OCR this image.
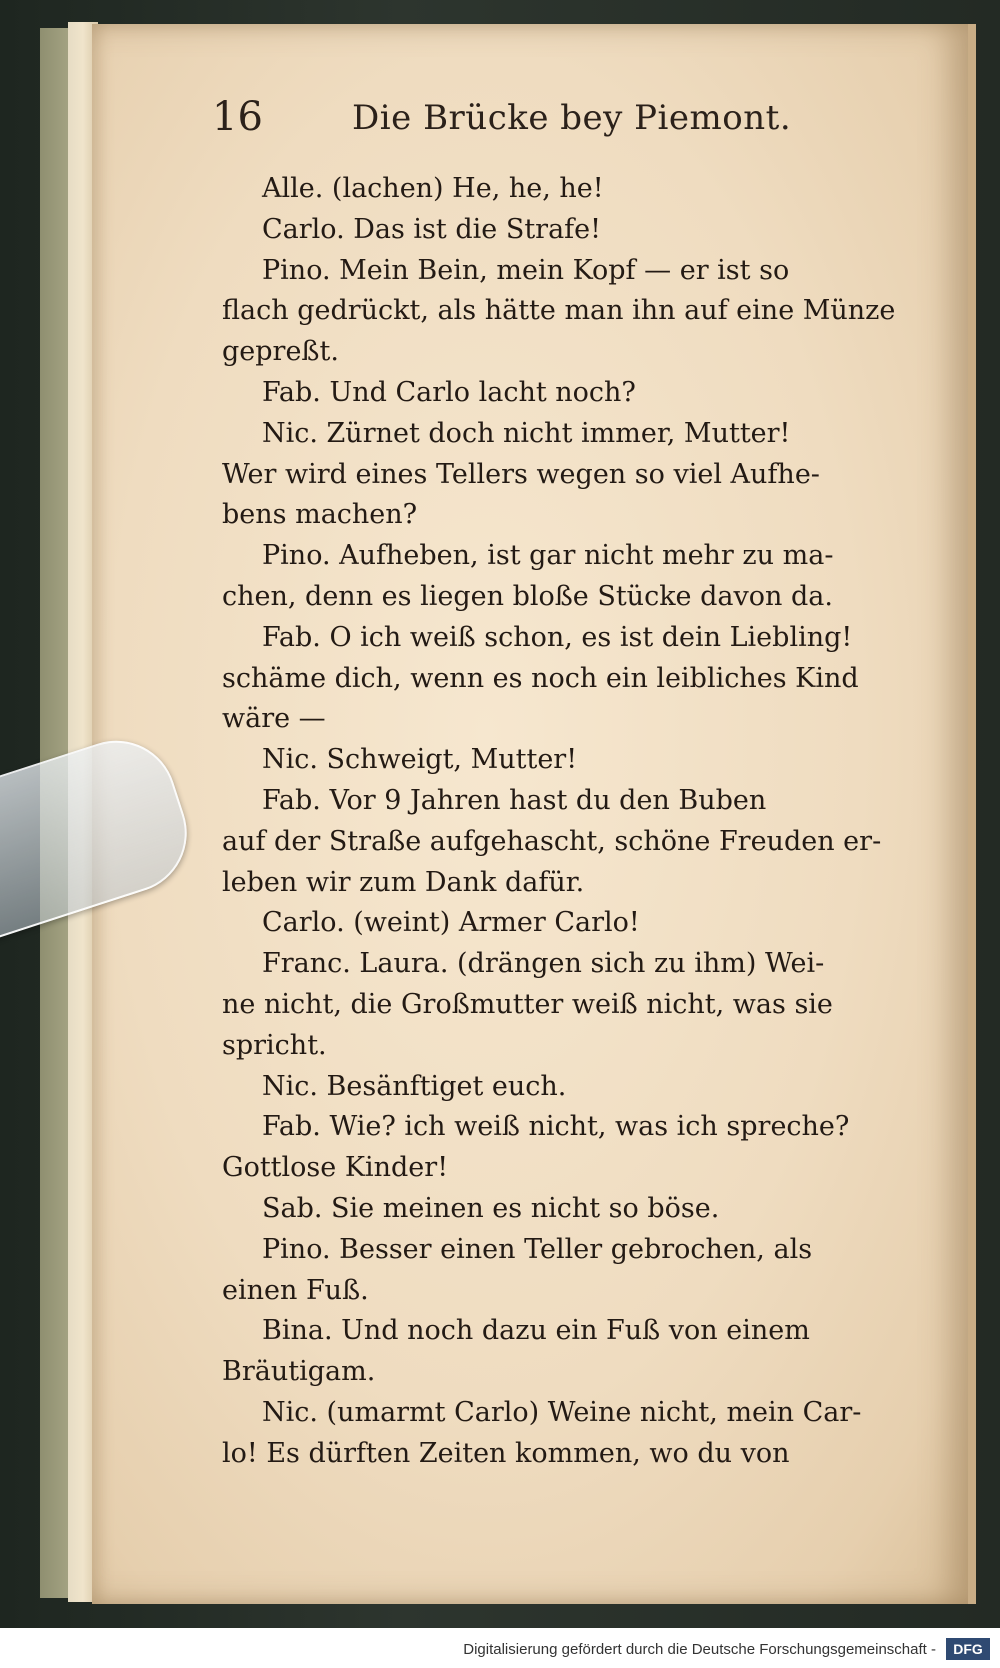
16	Die Brücke bey Piemont.
Alle. (lachen) He, he, he!
Carlo. Das ist die Strafe!
Pino. Mein Bein, mein Kopf — er ist so
flach gedrückt, als hätte man ihn auf eine Münze
gepreßt.
Fab. Und Carlo lacht noch?
Nic. Zürnet doch nicht immer, Mutter!
Wer wird eines Tellers wegen so viel Aufhe-
bens machen?
Pino. Aufheben, ist gar nicht mehr zu ma-
chen, denn es liegen bloße Stücke davon da.
Fab. O ich weiß schon, es ist dein Liebling!
schäme dich, wenn es noch ein leibliches Kind
wäre —
Nic. Schweigt, Mutter!
Fab. Vor 9 Jahren hast du den Buben
auf der Straße aufgehascht, schöne Freuden er-
leben wir zum Dank dafür.
Carlo. (weint) Armer Carlo!
Franc. Laura. (drängen sich zu ihm) Wei-
ne nicht, die Großmutter weiß nicht, was sie
spricht.
Nic. Besänftiget euch.
Fab. Wie? ich weiß nicht, was ich spreche?
Gottlose Kinder!
Sab. Sie meinen es nicht so böse.
Pino. Besser einen Teller gebrochen, als
einen Fuß.
Bina. Und noch dazu ein Fuß von einem
Bräutigam.
Nic. (umarmt Carlo) Weine nicht, mein Car-
lo! Es dürften Zeiten kommen, wo du von
Digitalisierung gefördert durch die Deutsche Forschungsgemeinschaft -	DFG
